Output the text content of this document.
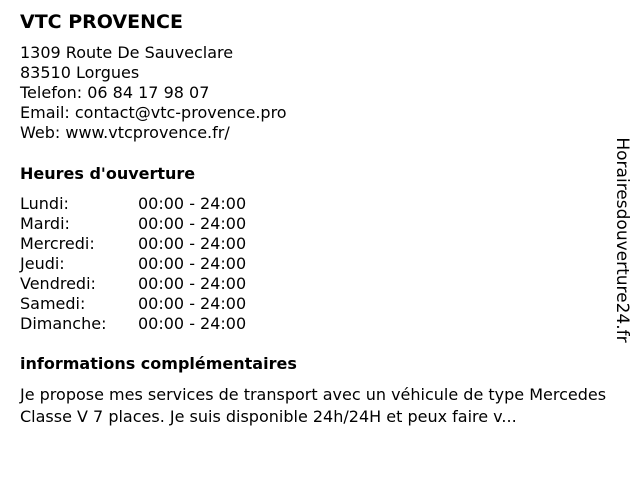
VTC PROVENCE
1309 Route De Sauveclare
83510 Lorgues
Telefon: 06 84 17 98 07
Email: contact@vtc-provence.pro
Web: www.vtcprovence.fr/
Heures d'ouverture
Lundi:	00:00 - 24:00
Mardi:	00:00 - 24:00
Mercredi:	00:00 - 24:00
Jeudi:	00:00 - 24:00
Vendredi:	00:00 - 24:00
Samedi:	00:00 - 24:00
Dimanche:	00:00 - 24:00
informations complémentaires
Je propose mes services de transport avec un véhicule de type Mercedes Classe V 7 places. Je suis disponible 24h/24H et peux faire v...
Horairesdouverture24.fr
